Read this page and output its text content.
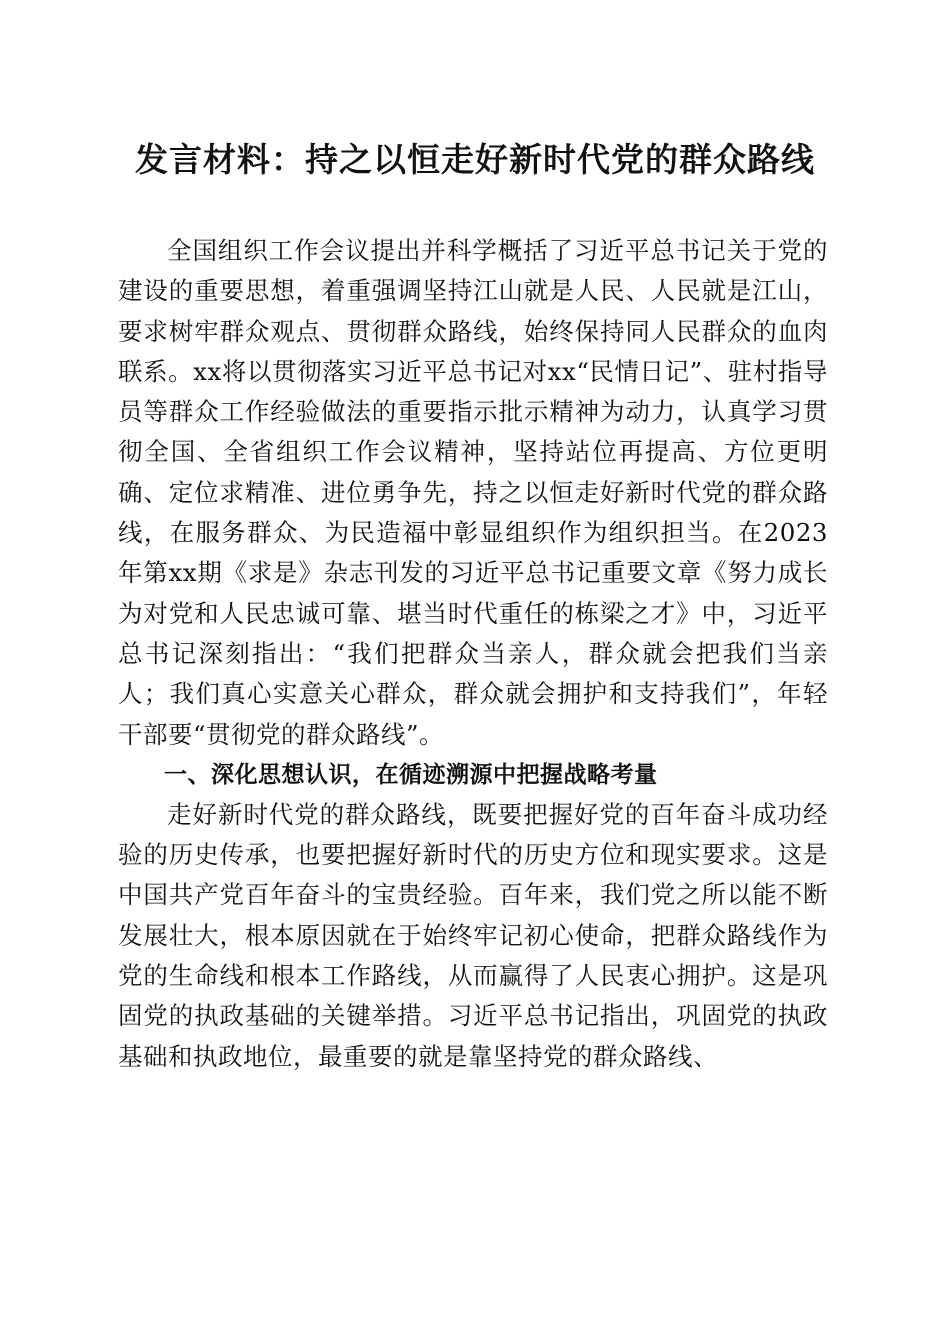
发言材料：持之以恒走好新时代党的群众路线

全国组织工作会议提出并科学概括了习近平总书记关于党的建设的重要思想，着重强调坚持江山就是人民、人民就是江山，要求树牢群众观点、贯彻群众路线，始终保持同人民群众的血肉联系。xx将以贯彻落实习近平总书记对xx“民情日记”、驻村指导员等群众工作经验做法的重要指示批示精神为动力，认真学习贯彻全国、全省组织工作会议精神，坚持站位再提高、方位更明确、定位求精准、进位勇争先，持之以恒走好新时代党的群众路线，在服务群众、为民造福中彰显组织作为组织担当。在2023年第xx期《求是》杂志刊发的习近平总书记重要文章《努力成长为对党和人民忠诚可靠、堪当时代重任的栋梁之才》中，习近平总书记深刻指出：“我们把群众当亲人，群众就会把我们当亲人；我们真心实意关心群众，群众就会拥护和支持我们”，年轻干部要“贯彻党的群众路线”。

一、深化思想认识，在循迹溯源中把握战略考量

走好新时代党的群众路线，既要把握好党的百年奋斗成功经验的历史传承，也要把握好新时代的历史方位和现实要求。这是中国共产党百年奋斗的宝贵经验。百年来，我们党之所以能不断发展壮大，根本原因就在于始终牢记初心使命，把群众路线作为党的生命线和根本工作路线，从而赢得了人民衷心拥护。这是巩固党的执政基础的关键举措。习近平总书记指出，巩固党的执政基础和执政地位，最重要的就是靠坚持党的群众路线、
